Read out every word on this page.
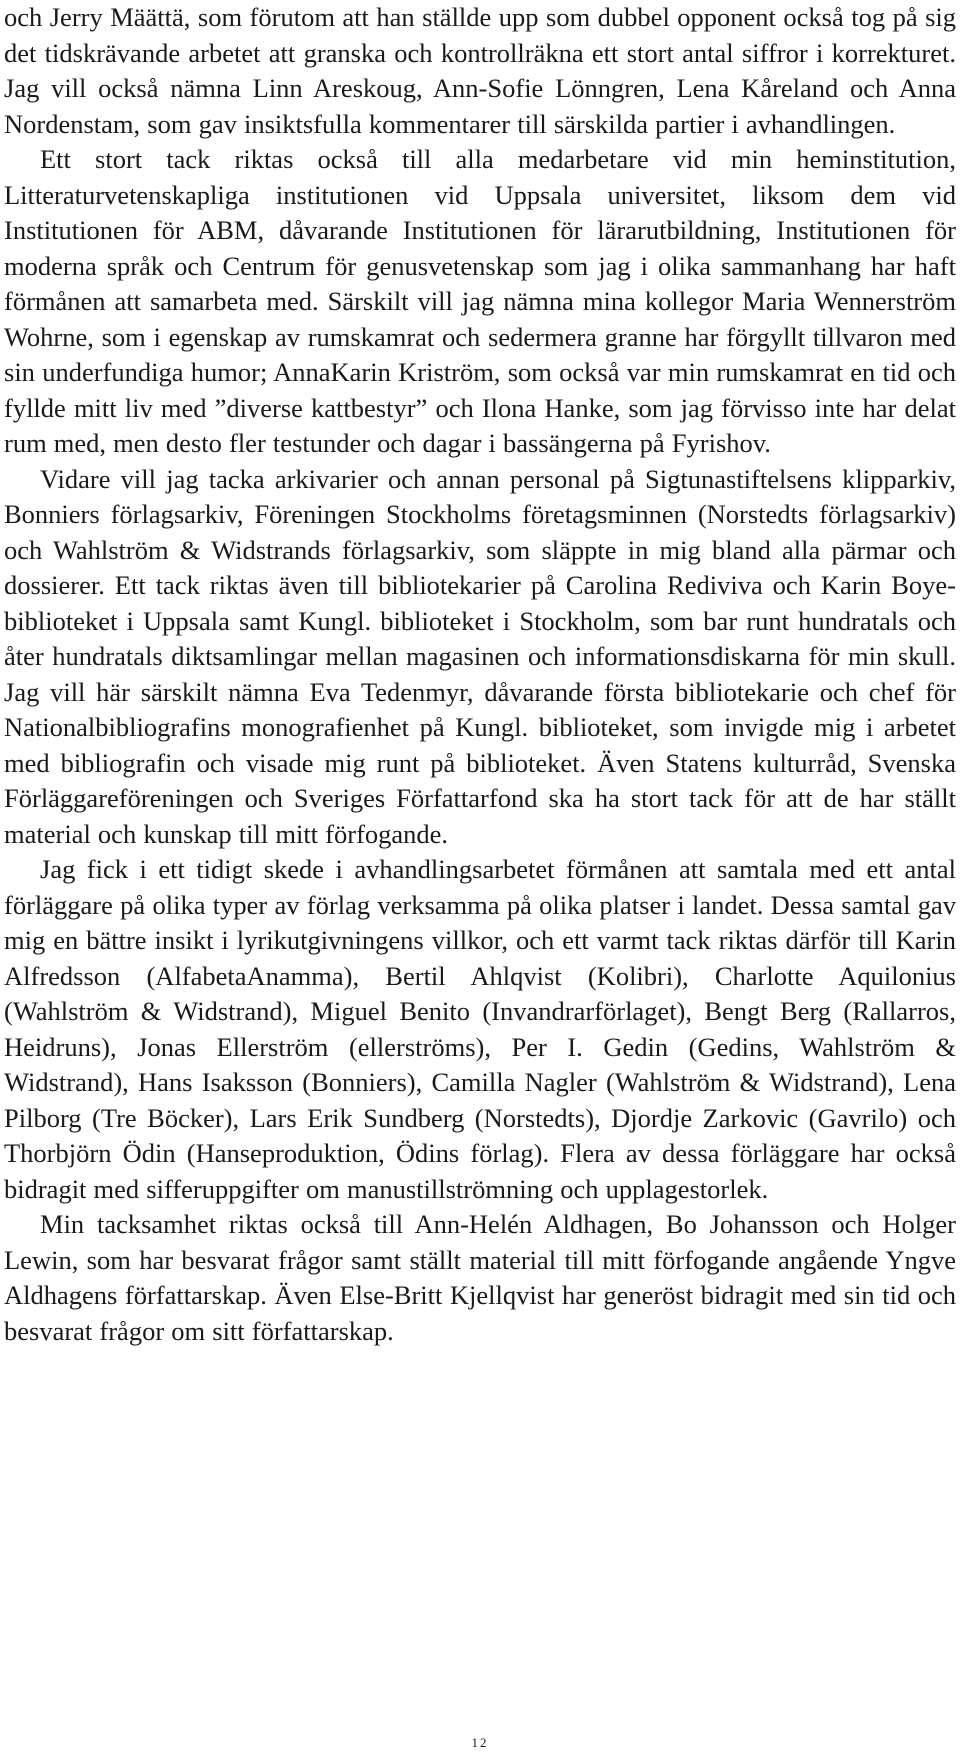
och Jerry Määttä, som förutom att han ställde upp som dubbel opponent också tog på sig det tidskrävande arbetet att granska och kontrollräkna ett stort antal siffror i korrekturet. Jag vill också nämna Linn Areskoug, Ann-Sofie Lönngren, Lena Kåreland och Anna Nordenstam, som gav insiktsfulla kommentarer till särskilda partier i avhandlingen.

Ett stort tack riktas också till alla medarbetare vid min heminstitution, Litteraturvetenskapliga institutionen vid Uppsala universitet, liksom dem vid Institutionen för ABM, dåvarande Institutionen för lärarutbildning, Institutionen för moderna språk och Centrum för genusvetenskap som jag i olika sammanhang har haft förmånen att samarbeta med. Särskilt vill jag nämna mina kollegor Maria Wennerström Wohrne, som i egenskap av rumskamrat och sedermera granne har förgyllt tillvaron med sin underfundiga humor; AnnaKarin Kriström, som också var min rumskamrat en tid och fyllde mitt liv med ”diverse kattbestyr” och Ilona Hanke, som jag förvisso inte har delat rum med, men desto fler testunder och dagar i bassängerna på Fyrishov.

Vidare vill jag tacka arkivarier och annan personal på Sigtunastiftelsens klipparkiv, Bonniers förlagsarkiv, Föreningen Stockholms företagsminnen (Norstedts förlagsarkiv) och Wahlström & Widstrands förlagsarkiv, som släppte in mig bland alla pärmar och dossierer. Ett tack riktas även till bibliotekarier på Carolina Rediviva och Karin Boye-biblioteket i Uppsala samt Kungl. biblioteket i Stockholm, som bar runt hundratals och åter hundratals diktsamlingar mellan magasinen och informationsdiskarna för min skull. Jag vill här särskilt nämna Eva Tedenmyr, dåvarande första bibliotekarie och chef för Nationalbibliografins monografienhet på Kungl. biblioteket, som invigde mig i arbetet med bibliografin och visade mig runt på biblioteket. Även Statens kulturråd, Svenska Förläggareföreningen och Sveriges Författarfond ska ha stort tack för att de har ställt material och kunskap till mitt förfogande.

Jag fick i ett tidigt skede i avhandlingsarbetet förmånen att samtala med ett antal förläggare på olika typer av förlag verksamma på olika platser i landet. Dessa samtal gav mig en bättre insikt i lyrikutgivningens villkor, och ett varmt tack riktas därför till Karin Alfredsson (AlfabetaAnamma), Bertil Ahlqvist (Kolibri), Charlotte Aquilonius (Wahlström & Widstrand), Miguel Benito (Invandrarförlaget), Bengt Berg (Rallarros, Heidruns), Jonas Ellerström (ellerströms), Per I. Gedin (Gedins, Wahlström & Widstrand), Hans Isaksson (Bonniers), Camilla Nagler (Wahlström & Widstrand), Lena Pilborg (Tre Böcker), Lars Erik Sundberg (Norstedts), Djordje Zarkovic (Gavrilo) och Thorbjörn Ödin (Hanseproduktion, Ödins förlag). Flera av dessa förläggare har också bidragit med sifferuppgifter om manustillströmning och upplagestorlek.

Min tacksamhet riktas också till Ann-Helén Aldhagen, Bo Johansson och Holger Lewin, som har besvarat frågor samt ställt material till mitt förfogande angående Yngve Aldhagens författarskap. Även Else-Britt Kjellqvist har generöst bidragit med sin tid och besvarat frågor om sitt författarskap.

12
